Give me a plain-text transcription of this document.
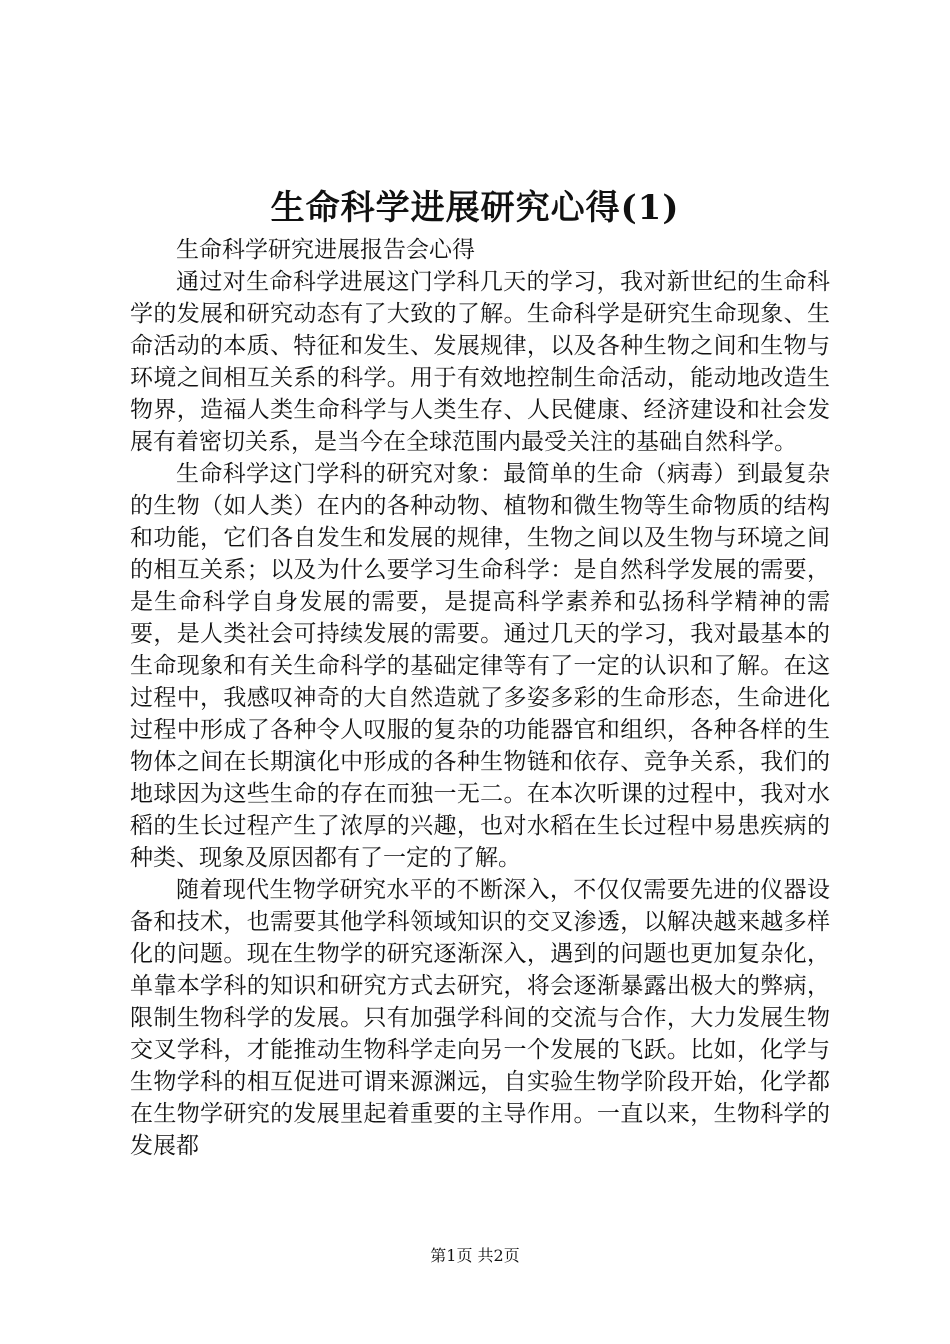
生命科学进展研究心得(1)

生命科学研究进展报告会心得

通过对生命科学进展这门学科几天的学习，我对新世纪的生命科学的发展和研究动态有了大致的了解。生命科学是研究生命现象、生命活动的本质、特征和发生、发展规律，以及各种生物之间和生物与环境之间相互关系的科学。用于有效地控制生命活动，能动地改造生物界，造福人类生命科学与人类生存、人民健康、经济建设和社会发展有着密切关系，是当今在全球范围内最受关注的基础自然科学。

生命科学这门学科的研究对象：最简单的生命（病毒）到最复杂的生物（如人类）在内的各种动物、植物和微生物等生命物质的结构和功能，它们各自发生和发展的规律，生物之间以及生物与环境之间的相互关系；以及为什么要学习生命科学：是自然科学发展的需要，是生命科学自身发展的需要，是提高科学素养和弘扬科学精神的需要，是人类社会可持续发展的需要。通过几天的学习，我对最基本的生命现象和有关生命科学的基础定律等有了一定的认识和了解。在这过程中，我感叹神奇的大自然造就了多姿多彩的生命形态，生命进化过程中形成了各种令人叹服的复杂的功能器官和组织，各种各样的生物体之间在长期演化中形成的各种生物链和依存、竞争关系，我们的地球因为这些生命的存在而独一无二。在本次听课的过程中，我对水稻的生长过程产生了浓厚的兴趣，也对水稻在生长过程中易患疾病的种类、现象及原因都有了一定的了解。

随着现代生物学研究水平的不断深入，不仅仅需要先进的仪器设备和技术，也需要其他学科领域知识的交叉渗透，以解决越来越多样化的问题。现在生物学的研究逐渐深入，遇到的问题也更加复杂化，单靠本学科的知识和研究方式去研究，将会逐渐暴露出极大的弊病，限制生物科学的发展。只有加强学科间的交流与合作，大力发展生物交叉学科，才能推动生物科学走向另一个发展的飞跃。比如，化学与生物学科的相互促进可谓来源渊远，自实验生物学阶段开始，化学都在生物学研究的发展里起着重要的主导作用。一直以来，生物科学的发展都

第1页 共2页
